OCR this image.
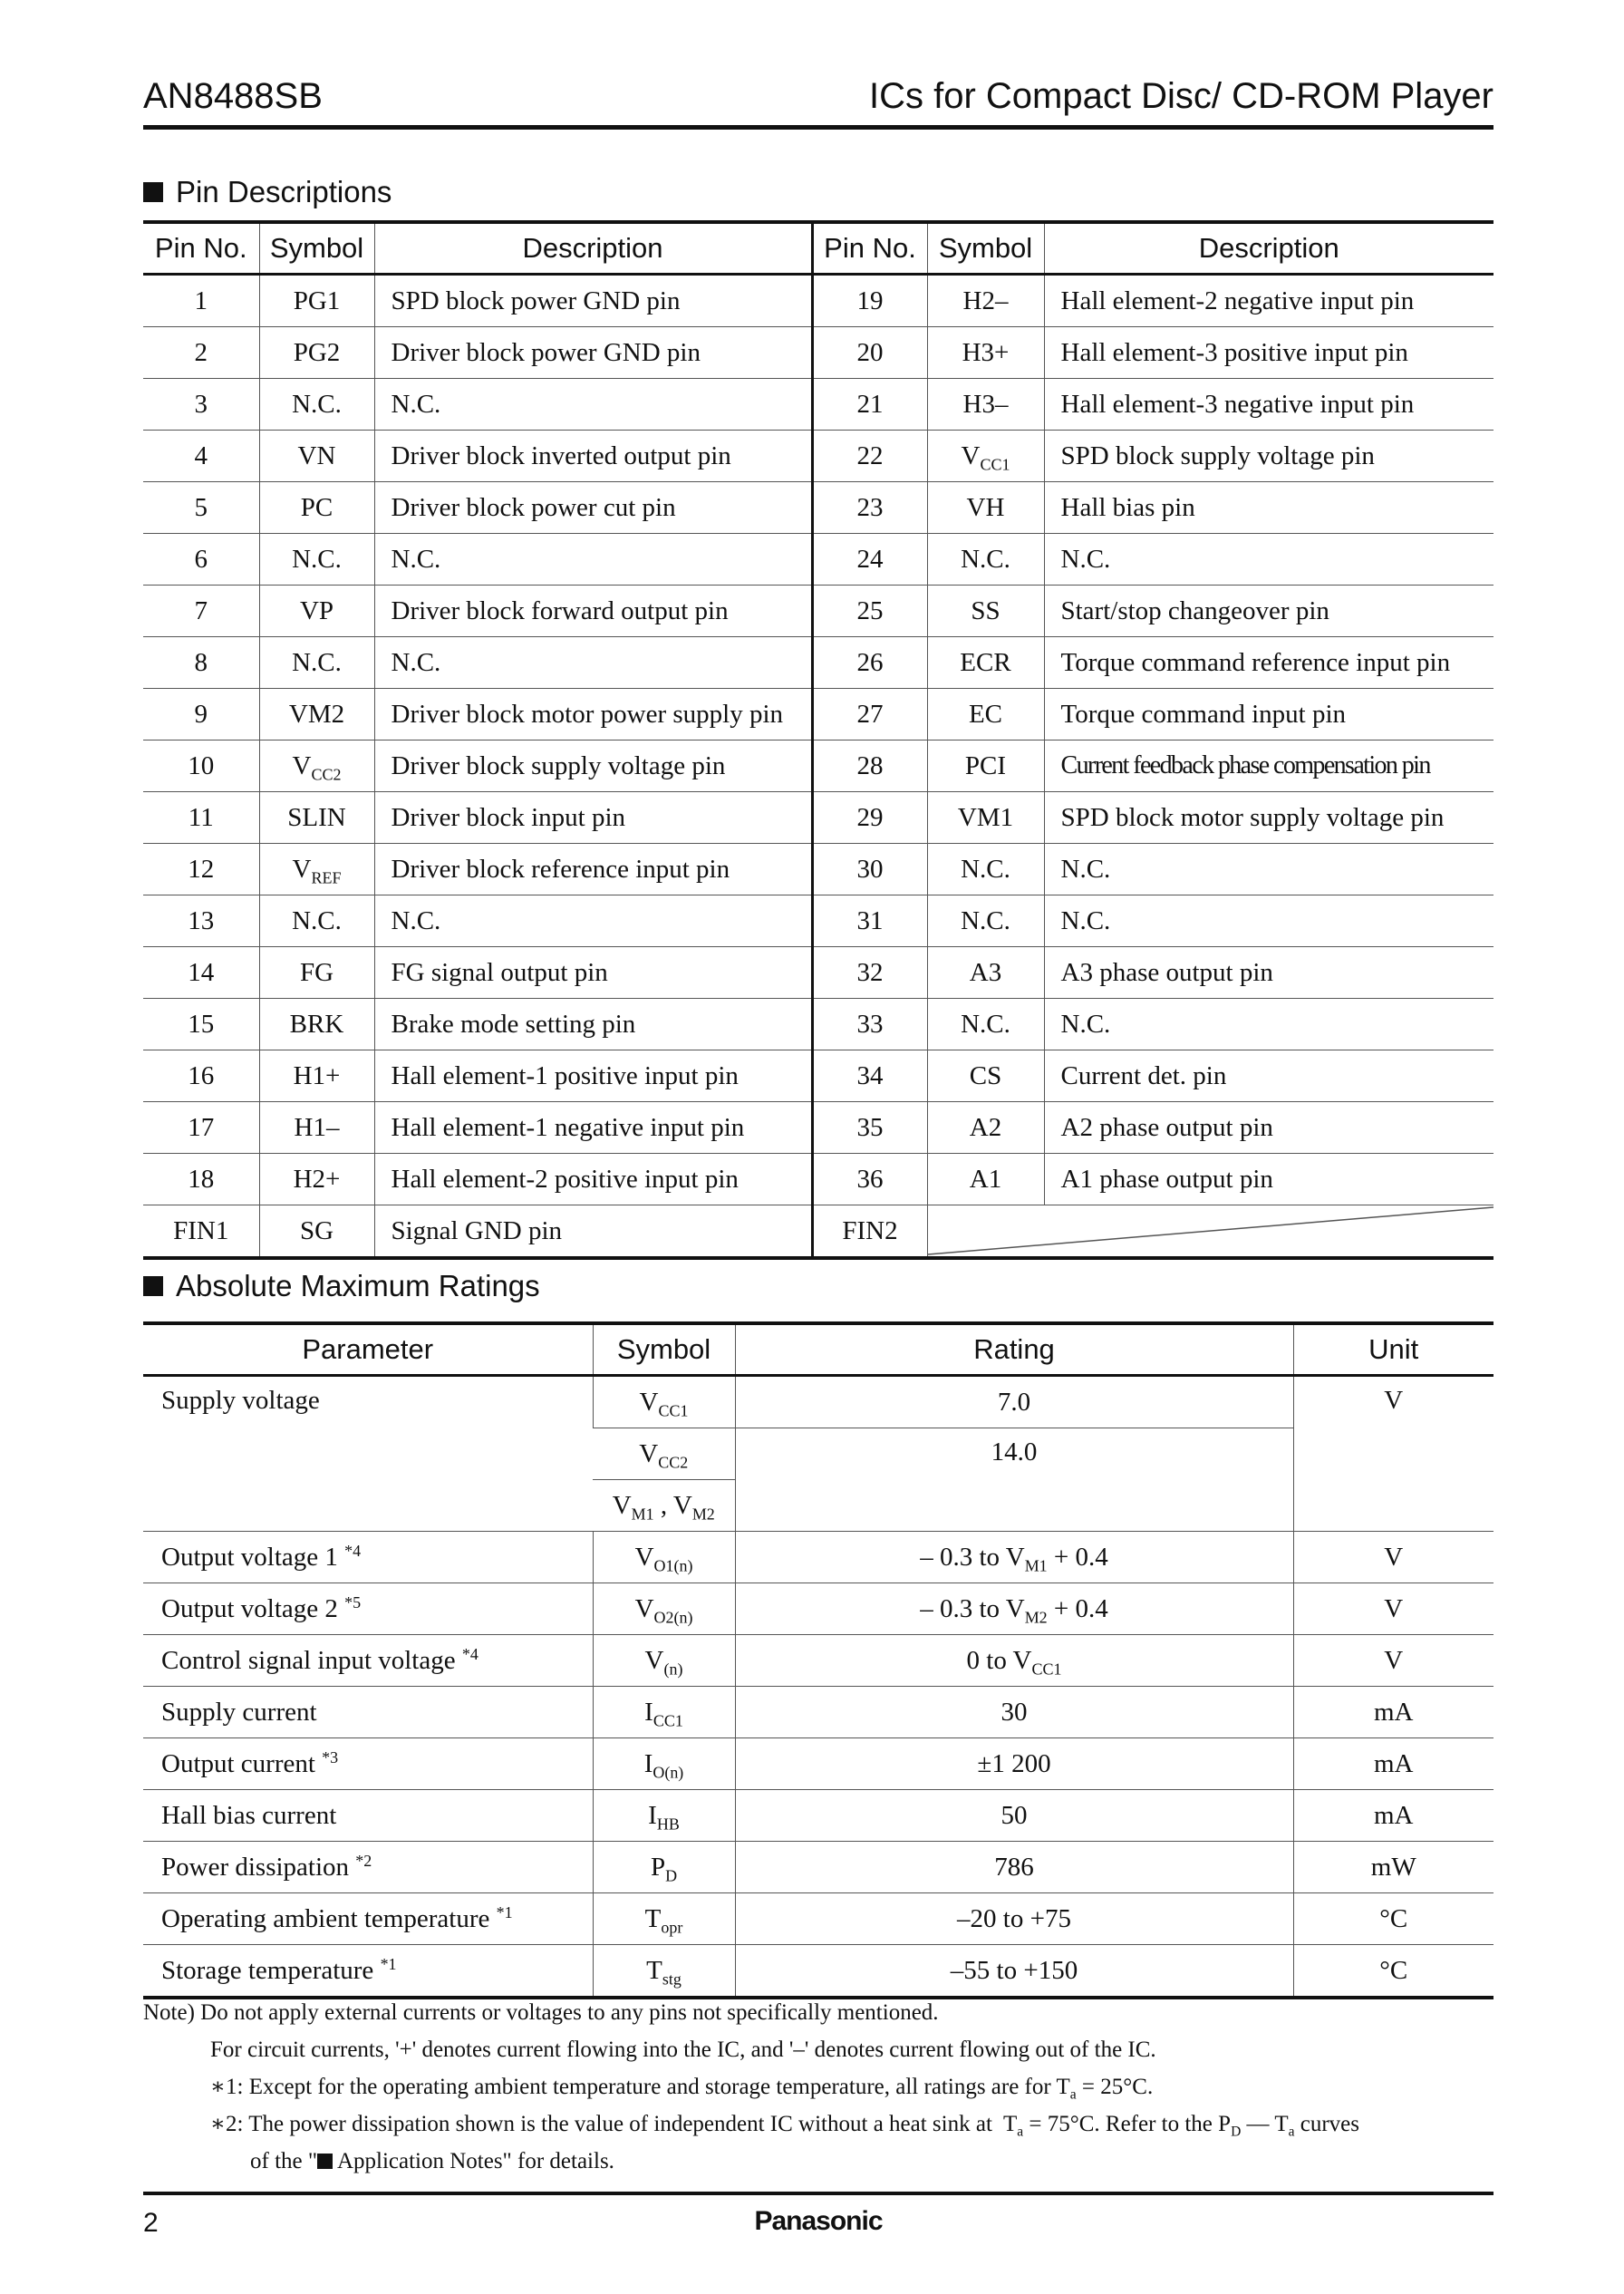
AN8488SB	ICs for Compact Disc/ CD-ROM Player
Pin Descriptions
Pin No.	Symbol	Description	Pin No.	Symbol	Description
1	PG1	SPD block power GND pin	19	H2–	Hall element-2 negative input pin
2	PG2	Driver block power GND pin	20	H3+	Hall element-3 positive input pin
3	N.C.	N.C.	21	H3–	Hall element-3 negative input pin
4	VN	Driver block inverted output pin	22	$V_{CC1}$	SPD block supply voltage pin
5	PC	Driver block power cut pin	23	VH	Hall bias pin
6	N.C.	N.C.	24	N.C.	N.C.
7	VP	Driver block forward output pin	25	SS	Start/stop changeover pin
8	N.C.	N.C.	26	ECR	Torque command reference input pin
9	VM2	Driver block motor power supply pin	27	EC	Torque command input pin
10	$V_{CC2}$	Driver block supply voltage pin	28	PCI	Current feedback phase compensation pin
11	SLIN	Driver block input pin	29	VM1	SPD block motor supply voltage pin
12	$V_{REF}$	Driver block reference input pin	30	N.C.	N.C.
13	N.C.	N.C.	31	N.C.	N.C.
14	FG	FG signal output pin	32	A3	A3 phase output pin
15	BRK	Brake mode setting pin	33	N.C.	N.C.
16	H1+	Hall element-1 positive input pin	34	CS	Current det. pin
17	H1–	Hall element-1 negative input pin	35	A2	A2 phase output pin
18	H2+	Hall element-2 positive input pin	36	A1	A1 phase output pin
FIN1	SG	Signal GND pin	FIN2	
Absolute Maximum Ratings
Parameter	Symbol	Rating	Unit
Supply voltage	$V_{CC1}$	7.0	V
	$V_{CC2}$	14.0	
	$V_{M1}$ , $V_{M2}$
Output voltage 1 $^{*4}$	$V_{O1(n)}$	– 0.3 to $V_{M1} + 0.4$	V
Output voltage 2 $^{*5}$	$V_{O2(n)}$	– 0.3 to $V_{M2} + 0.4$	V
Control signal input voltage $^{*4}$	$V_{(n)}$	0 to $V_{CC1}$	V
Supply current	$I_{CC1}$	30	mA
Output current $^{*3}$	$I_{O(n)}$	±1 200	mA
Hall bias current	$I_{HB}$	50	mA
Power dissipation $^{*2}$	$P_D$	786	mW
Operating ambient temperature $^{*1}$	$T_{opr}$	–20 to +75	°C
Storage temperature $^{*1}$	$T_{stg}$	–55 to +150	°C
Note) Do not apply external currents or voltages to any pins not specifically mentioned.
For circuit currents, '+' denotes current flowing into the IC, and '–' denotes current flowing out of the IC.
∗1: Except for the operating ambient temperature and storage temperature, all ratings are for $T_a = 25^\circ C$.
∗2: The power dissipation shown is the value of independent IC without a heat sink at  $T_a = 75^\circ C$. Refer to the $P_D$ — $T_a$ curves
of the " Application Notes" for details.
2	Panasonic
